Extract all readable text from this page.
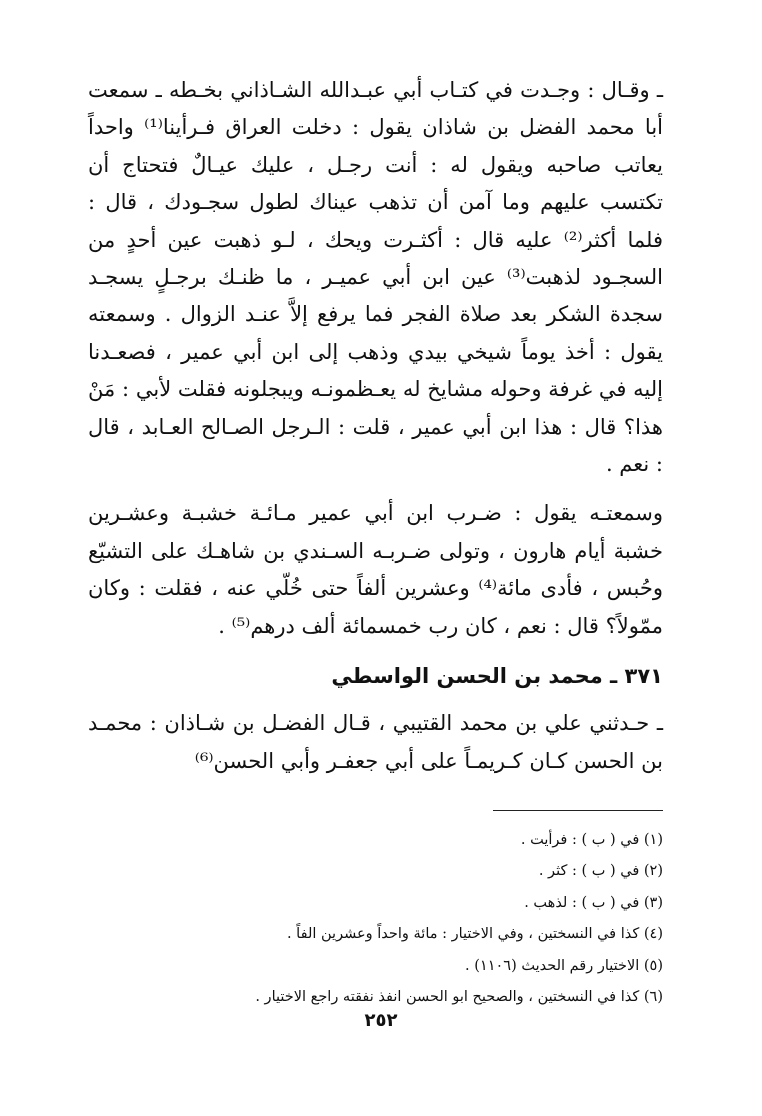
ـ وقـال : وجـدت في كتـاب أبي عبـدالله الشـاذاني بخـطه ـ سمعت أبا محمد الفضل بن شاذان يقول : دخلت العراق فـرأينا⁽¹⁾ واحداً يعاتب صاحبه ويقول له : أنت رجـل ، عليك عيـالٌ فتحتاج أن تكتسب عليهم وما آمن أن تذهب عيناك لطول سجـودك ، قال : فلما أكثر⁽²⁾ عليه قال : أكثـرت ويحك ، لـو ذهبت عين أحدٍ من السجـود لذهبت⁽³⁾ عين ابن أبي عميـر ، ما ظنـك برجـلٍ يسجـد سجدة الشكر بعد صلاة الفجر فما يرفع إلاَّ عنـد الزوال . وسمعته يقول : أخذ يوماً شيخي بيدي وذهب إلى ابن أبي عمير ، فصعـدنا إليه في غرفة وحوله مشايخ له يعـظمونـه ويبجلونه فقلت لأبي : مَنْ هذا؟ قال : هذا ابن أبي عمير ، قلت : الـرجل الصـالح العـابد ، قال : نعم .

وسمعتـه يقول : ضـرب ابن أبي عمير مـائـة خشبـة وعشـرين خشبة أيام هارون ، وتولى ضـربـه السـندي بن شاهـك على التشيّع وحُبس ، فأدى مائة⁽⁴⁾ وعشرين ألفاً حتى خُلّي عنه ، فقلت : وكان ممّولاً؟ قال : نعم ، كان رب خمسمائة ألف درهم⁽⁵⁾ .

٣٧١ ـ محمد بن الحسن الواسطي

ـ حـدثني علي بن محمد القتيبي ، قـال الفضـل بن شـاذان : محمـد بن الحسن كـان كـريمـاً على أبي جعفـر وأبي الحسن⁽⁶⁾

(١) في ( ب ) : فرأيت .

(٢) في ( ب ) : كثر .

(٣) في ( ب ) : لذهب .

(٤) كذا في النسختين ، وفي الاختيار : مائة واحداً وعشرين الفاً .

(٥) الاختيار رقم الحديث (١١٠٦) .

(٦) كذا في النسختين ، والصحيح ابو الحسن انفذ نفقته راجع الاختيار .

٢٥٢
